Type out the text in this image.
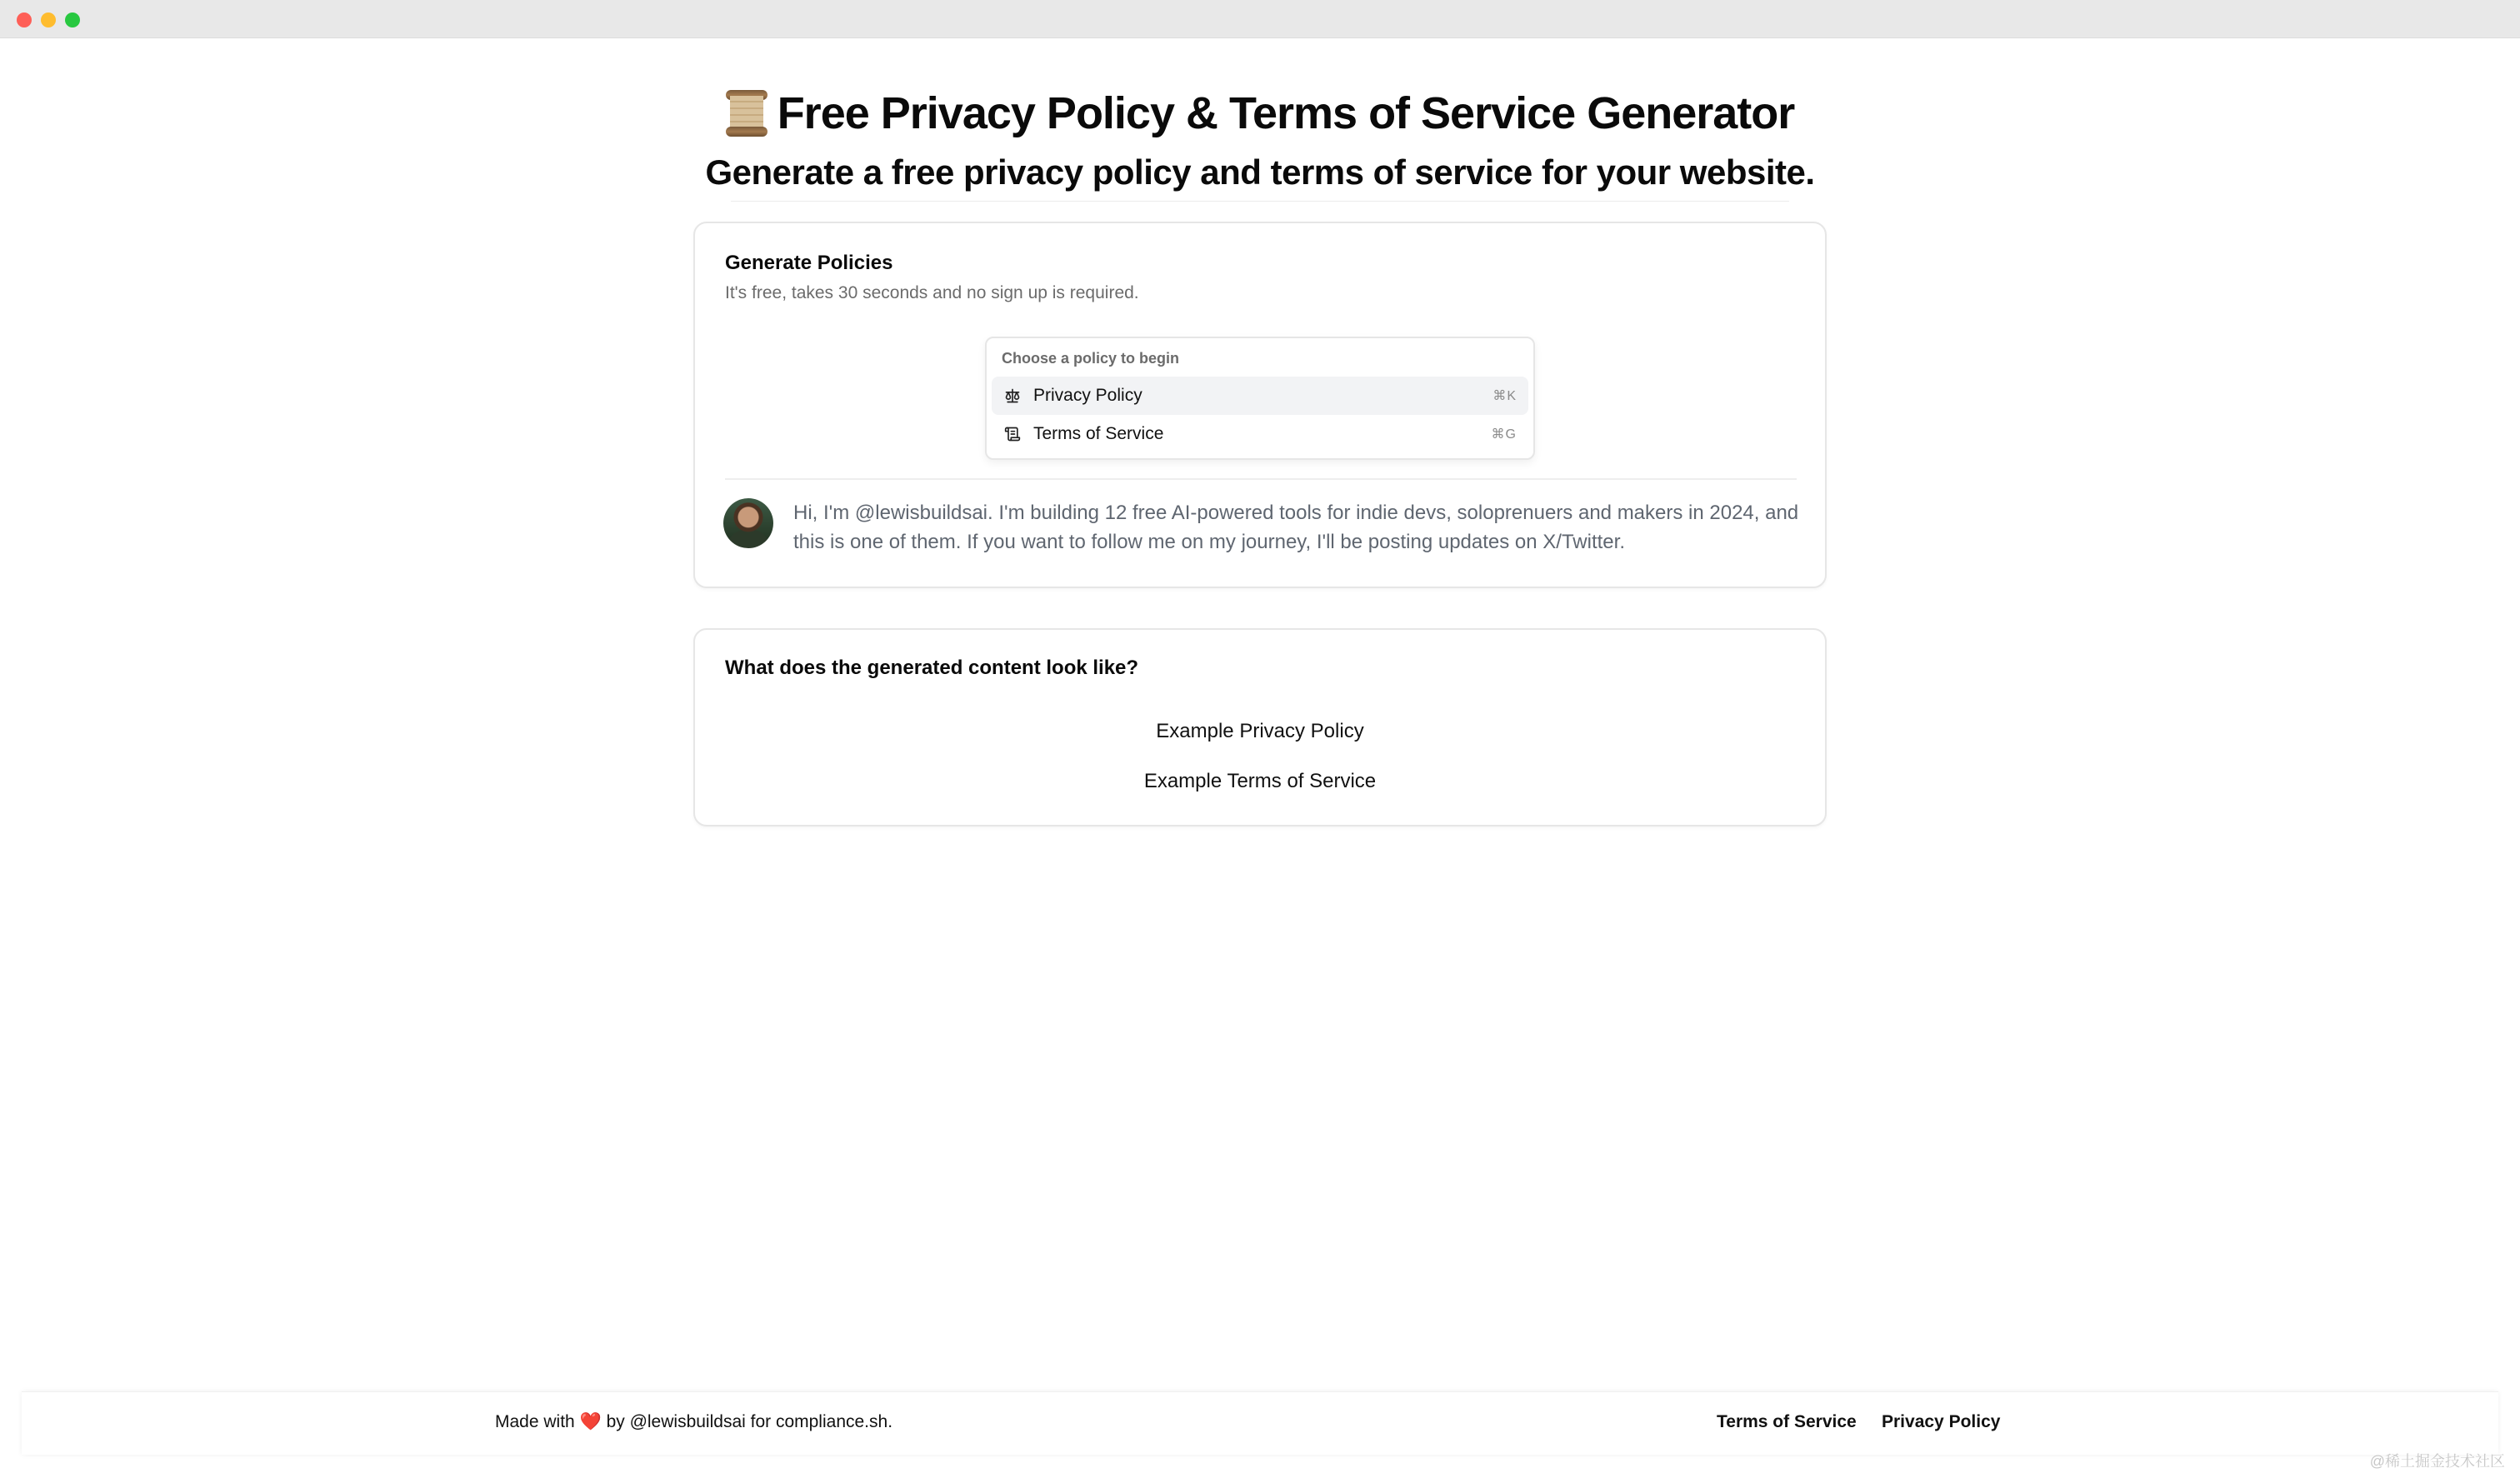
Free Privacy Policy & Terms of Service Generator
Generate a free privacy policy and terms of service for your website.
Generate Policies
It's free, takes 30 seconds and no sign up is required.
Choose a policy to begin
Privacy Policy	⌘K
Terms of Service	⌘G
Hi, I'm @lewisbuildsai. I'm building 12 free AI-powered tools for indie devs, soloprenuers and makers in 2024, and this is one of them. If you want to follow me on my journey, I'll be posting updates on X/Twitter.
What does the generated content look like?
Example Privacy Policy
Example Terms of Service
Made with ❤️ by @lewisbuildsai for compliance.sh.	Terms of Service Privacy Policy
@稀土掘金技术社区
